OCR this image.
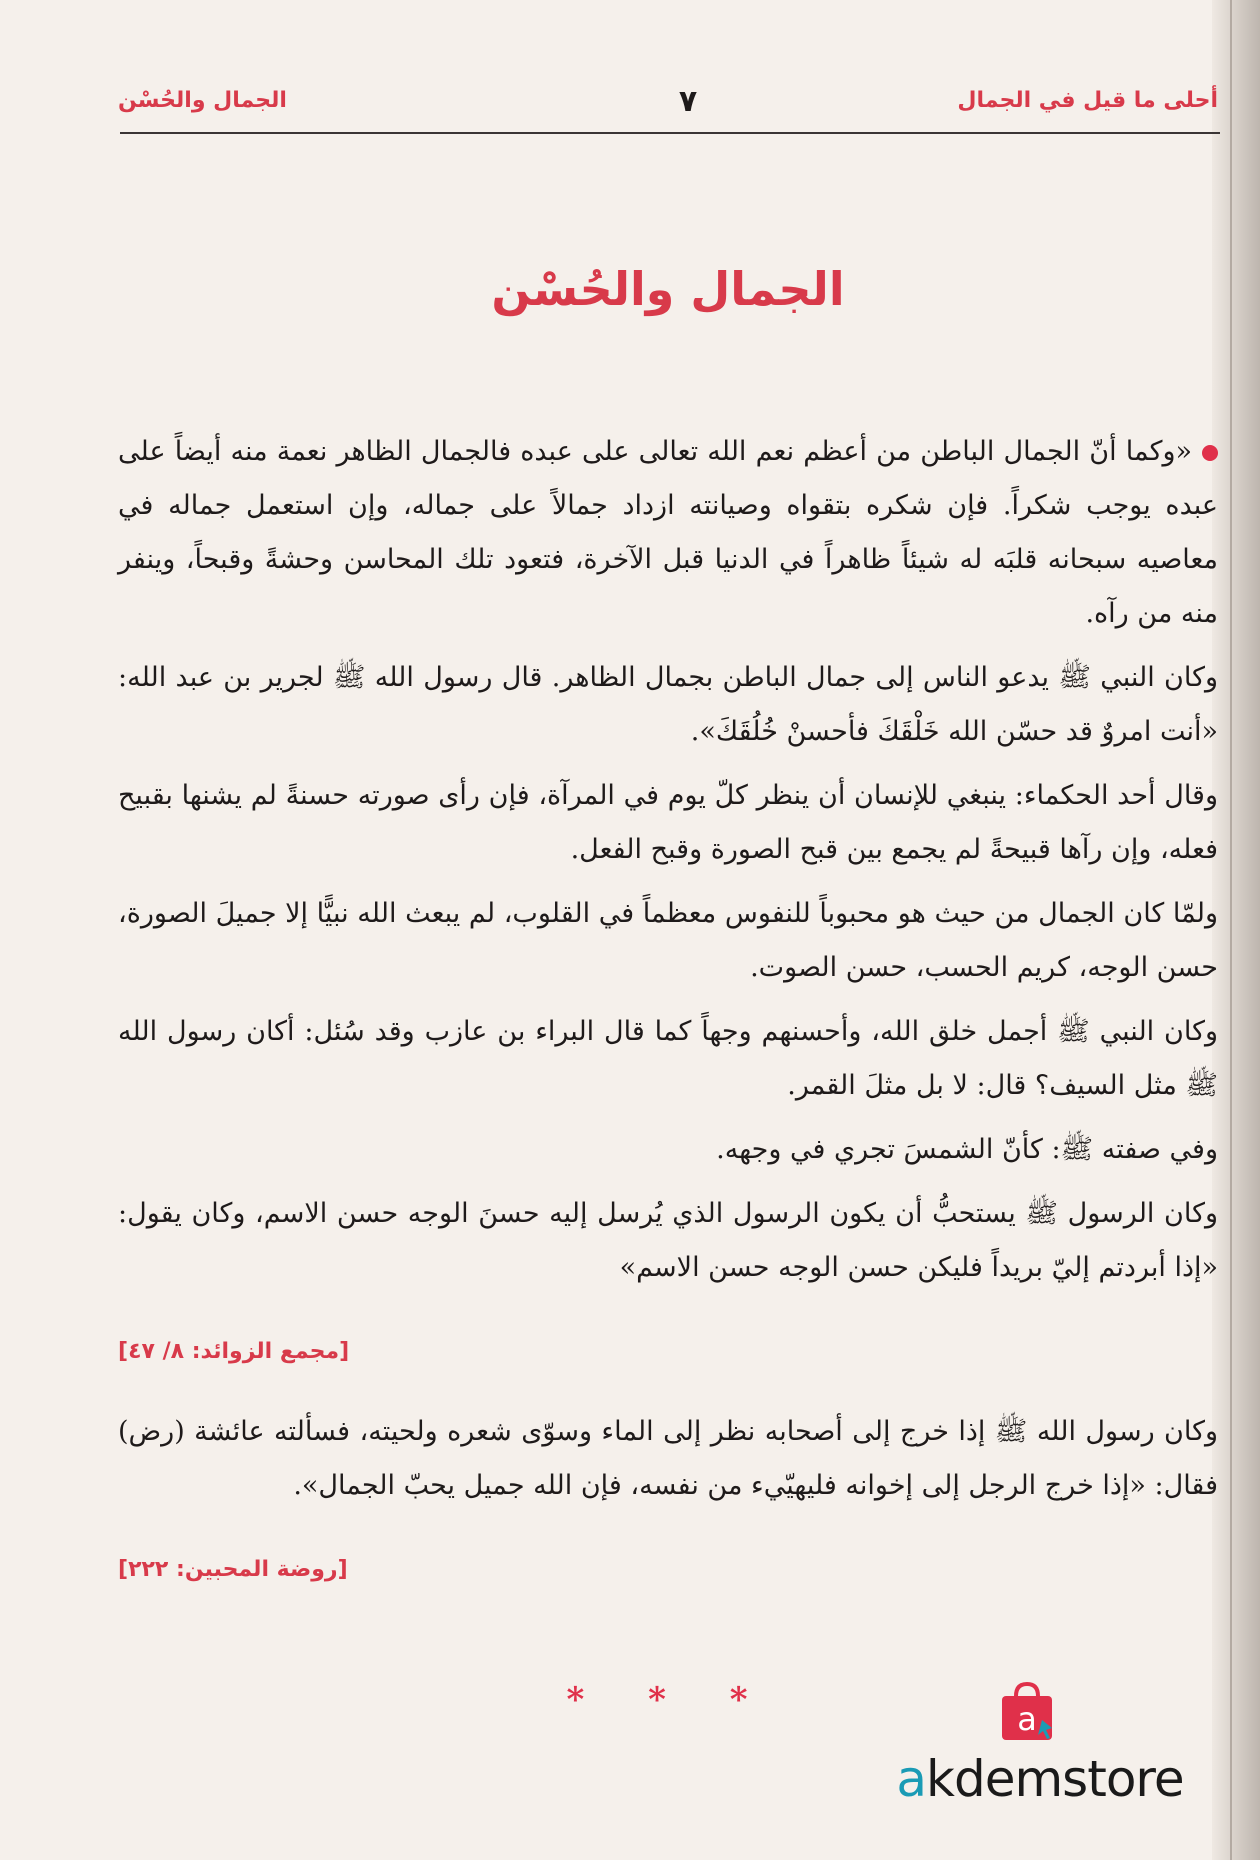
أحلى ما قيل في الجمال
٧
الجمال والحُسْن
الجمال والحُسْن

«وكما أنّ الجمال الباطن من أعظم نعم الله تعالى على عبده فالجمال الظاهر نعمة منه أيضاً على عبده يوجب شكراً. فإن شكره بتقواه وصيانته ازداد جمالاً على جماله، وإن استعمل جماله في معاصيه سبحانه قلبَه له شيئاً ظاهراً في الدنيا قبل الآخرة، فتعود تلك المحاسن وحشةً وقبحاً، وينفر منه من رآه.

وكان النبي ﷺ يدعو الناس إلى جمال الباطن بجمال الظاهر. قال رسول الله ﷺ لجرير بن عبد الله: «أنت امروٌ قد حسّن الله خَلْقَكَ فأحسنْ خُلُقَكَ».

وقال أحد الحكماء: ينبغي للإنسان أن ينظر كلّ يوم في المرآة، فإن رأى صورته حسنةً لم يشنها بقبيح فعله، وإن رآها قبيحةً لم يجمع بين قبح الصورة وقبح الفعل.

ولمّا كان الجمال من حيث هو محبوباً للنفوس معظماً في القلوب، لم يبعث الله نبيًّا إلا جميلَ الصورة، حسن الوجه، كريم الحسب، حسن الصوت.

وكان النبي ﷺ أجمل خلق الله، وأحسنهم وجهاً كما قال البراء بن عازب وقد سُئل: أكان رسول الله ﷺ مثل السيف؟ قال: لا بل مثلَ القمر.

وفي صفته ﷺ: كأنّ الشمسَ تجري في وجهه.

وكان الرسول ﷺ يستحبُّ أن يكون الرسول الذي يُرسل إليه حسنَ الوجه حسن الاسم، وكان يقول: «إذا أبردتم إليّ بريداً فليكن حسن الوجه حسن الاسم»

[مجمع الزوائد: ٨/ ٤٧]

وكان رسول الله ﷺ إذا خرج إلى أصحابه نظر إلى الماء وسوّى شعره ولحيته، فسألته عائشة (رض) فقال: «إذا خرج الرجل إلى إخوانه فليهيّيء من نفسه، فإن الله جميل يحبّ الجمال».

[روضة المحبين: ٢٢٢]
* * *	a
akdemstore
